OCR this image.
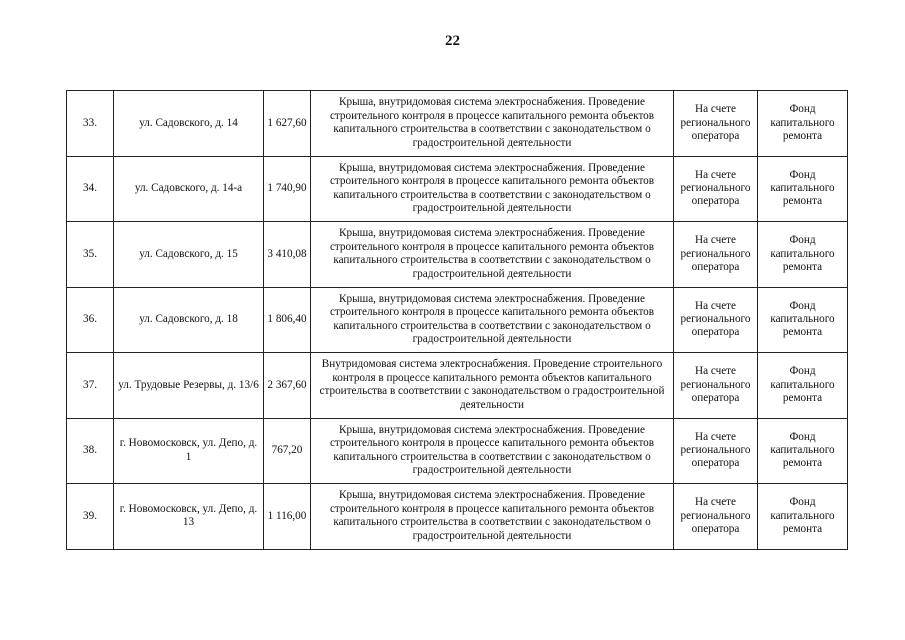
22
33.	ул. Садовского, д. 14	1 627,60	Крыша, внутридомовая система электроснабжения. Проведение строительного контроля в процессе капитального ремонта объектов капитального строительства в соответствии с законодательством о градостроительной деятельности	На счете регионального оператора	Фонд капитального ремонта
34.	ул. Садовского, д. 14-а	1 740,90	Крыша, внутридомовая система электроснабжения. Проведение строительного контроля в процессе капитального ремонта объектов капитального строительства в соответствии с законодательством о градостроительной деятельности	На счете регионального оператора	Фонд капитального ремонта
35.	ул. Садовского, д. 15	3 410,08	Крыша, внутридомовая система электроснабжения. Проведение строительного контроля в процессе капитального ремонта объектов капитального строительства в соответствии с законодательством о градостроительной деятельности	На счете регионального оператора	Фонд капитального ремонта
36.	ул. Садовского, д. 18	1 806,40	Крыша, внутридомовая система электроснабжения. Проведение строительного контроля в процессе капитального ремонта объектов капитального строительства в соответствии с законодательством о градостроительной деятельности	На счете регионального оператора	Фонд капитального ремонта
37.	ул. Трудовые Резервы, д. 13/6	2 367,60	Внутридомовая система электроснабжения. Проведение строительного контроля в процессе капитального ремонта объектов капитального строительства в соответствии с законодательством о градостроительной деятельности	На счете регионального оператора	Фонд капитального ремонта
38.	г. Новомосковск, ул. Депо, д. 1	767,20	Крыша, внутридомовая система электроснабжения. Проведение строительного контроля в процессе капитального ремонта объектов капитального строительства в соответствии с законодательством о градостроительной деятельности	На счете регионального оператора	Фонд капитального ремонта
39.	г. Новомосковск, ул. Депо, д. 13	1 116,00	Крыша, внутридомовая система электроснабжения. Проведение строительного контроля в процессе капитального ремонта объектов капитального строительства в соответствии с законодательством о градостроительной деятельности	На счете регионального оператора	Фонд капитального ремонта
